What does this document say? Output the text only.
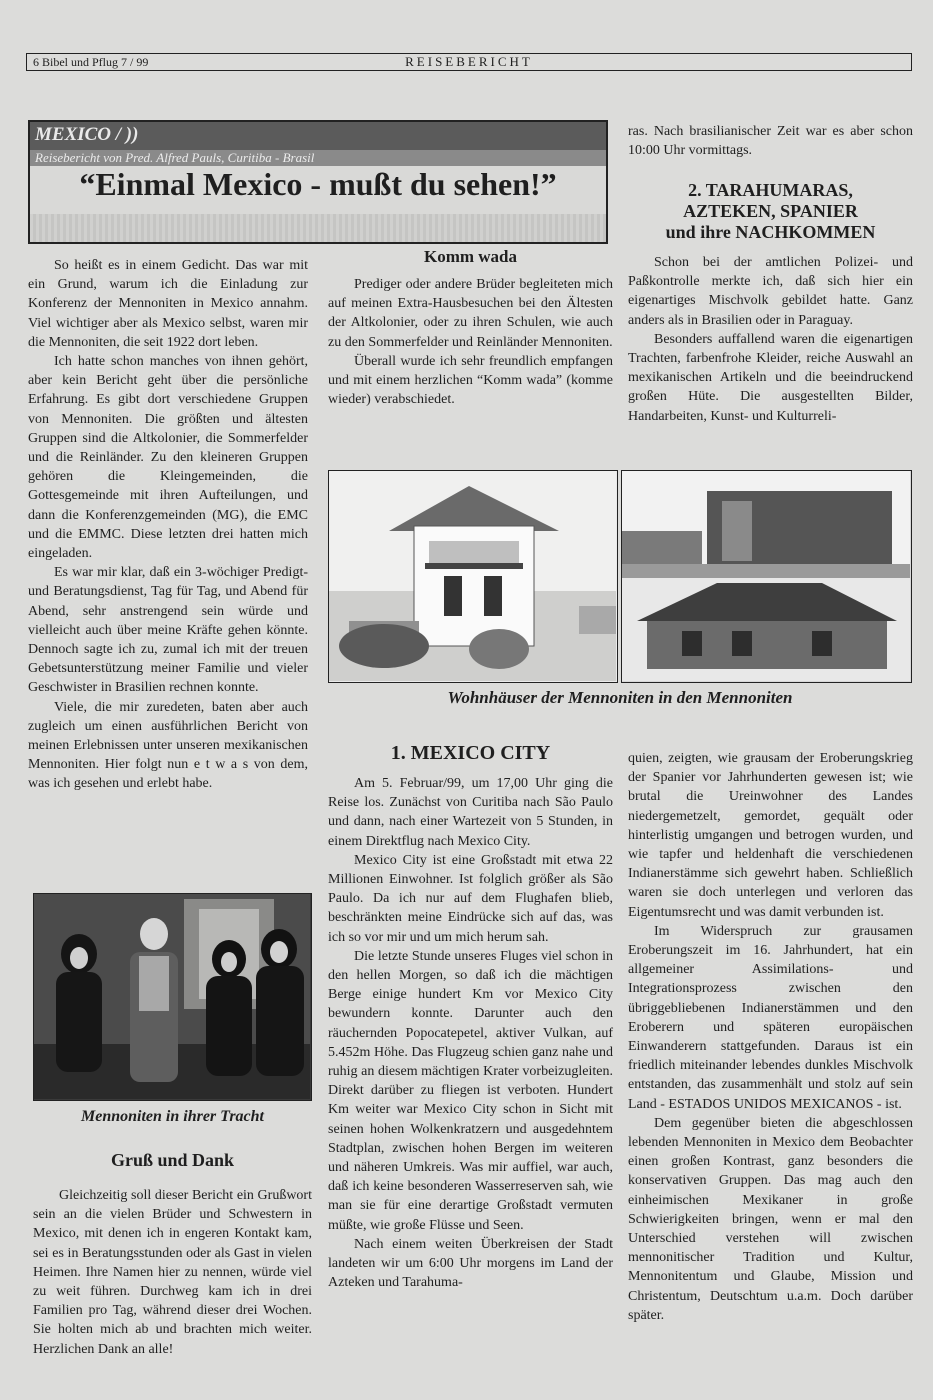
6 Bibel und Pflug 7 / 99	REISEBERICHT
MEXICO / ))
Reisebericht von Pred. Alfred Pauls, Curitiba - Brasil
“Einmal Mexico - mußt du sehen!”

So heißt es in einem Gedicht. Das war mit ein Grund, warum ich die Einladung zur Konferenz der Mennoniten in Mexico annahm. Viel wichtiger aber als Mexico selbst, waren mir die Mennoniten, die seit 1922 dort leben.

Ich hatte schon manches von ihnen gehört, aber kein Bericht geht über die persönliche Erfahrung. Es gibt dort verschiedene Gruppen von Mennoniten. Die größten und ältesten Gruppen sind die Altkolonier, die Sommerfelder und die Reinländer. Zu den kleineren Gruppen gehören die Kleingemeinden, die Gottesgemeinde mit ihren Aufteilungen, und dann die Konferenzgemeinden (MG), die EMC und die EMMC. Diese letzten drei hatten mich eingeladen.

Es war mir klar, daß ein 3-wöchiger Predigt- und Beratungsdienst, Tag für Tag, und Abend für Abend, sehr anstrengend sein würde und vielleicht auch über meine Kräfte gehen könnte. Dennoch sagte ich zu, zumal ich mit der treuen Gebetsunterstützung meiner Familie und vieler Geschwister in Brasilien rechnen konnte.

Viele, die mir zuredeten, baten aber auch zugleich um einen ausführlichen Bericht von meinen Erlebnissen unter unseren mexikanischen Mennoniten. Hier folgt nun e t w a s von dem, was ich gesehen und erlebt habe.

Mennoniten in ihrer Tracht
Gruß und Dank

Gleichzeitig soll dieser Bericht ein Grußwort sein an die vielen Brüder und Schwestern in Mexico, mit denen ich in engeren Kontakt kam, sei es in Beratungsstunden oder als Gast in vielen Heimen. Ihre Namen hier zu nennen, würde viel zu weit führen. Durchweg kam ich in drei Familien pro Tag, während dieser drei Wochen. Sie holten mich ab und brachten mich weiter. Herzlichen Dank an alle!

Komm wada

Prediger oder andere Brüder begleiteten mich auf meinen Extra-Hausbesuchen bei den Ältesten der Altkolonier, oder zu ihren Schulen, wie auch zu den Sommerfelder und Reinländer Mennoniten.

Überall wurde ich sehr freundlich empfangen und mit einem herzlichen “Komm wada” (komme wieder) verabschiedet.

Wohnhäuser der Mennoniten in den Mennoniten
1. MEXICO CITY

Am 5. Februar/99, um 17,00 Uhr ging die Reise los. Zunächst von Curitiba nach São Paulo und dann, nach einer Wartezeit von 5 Stunden, in einem Direktflug nach Mexico City.

Mexico City ist eine Großstadt mit etwa 22 Millionen Einwohner. Ist folglich größer als São Paulo. Da ich nur auf dem Flughafen blieb, beschränkten meine Eindrücke sich auf das, was ich so vor mir und um mich herum sah.

Die letzte Stunde unseres Fluges viel schon in den hellen Morgen, so daß ich die mächtigen Berge einige hundert Km vor Mexico City bewundern konnte. Darunter auch den räuchernden Popocatepetel, aktiver Vulkan, auf 5.452m Höhe. Das Flugzeug schien ganz nahe und ruhig an diesem mächtigen Krater vorbeizugleiten. Direkt darüber zu fliegen ist verboten. Hundert Km weiter war Mexico City schon in Sicht mit seinen hohen Wolkenkratzern und ausgedehntem Stadtplan, zwischen hohen Bergen im weiteren und näheren Umkreis. Was mir auffiel, war auch, daß ich keine besonderen Wasserreserven sah, wie man sie für eine derartige Großstadt vermuten müßte, wie große Flüsse und Seen.

Nach einem weiten Überkreisen der Stadt landeten wir um 6:00 Uhr morgens im Land der Azteken und Tarahuma-

ras. Nach brasilianischer Zeit war es aber schon 10:00 Uhr vormittags.

2. TARAHUMARAS,
AZTEKEN, SPANIER
und ihre NACHKOMMEN

Schon bei der amtlichen Polizei- und Paßkontrolle merkte ich, daß sich hier ein eigenartiges Mischvolk gebildet hatte. Ganz anders als in Brasilien oder in Paraguay.

Besonders auffallend waren die eigenartigen Trachten, farbenfrohe Kleider, reiche Auswahl an mexikanischen Artikeln und die beeindruckend großen Hüte. Die ausgestellten Bilder, Handarbeiten, Kunst- und Kulturreli-

quien, zeigten, wie grausam der Eroberungskrieg der Spanier vor Jahrhunderten gewesen ist; wie brutal die Ureinwohner des Landes niedergemetzelt, gemordet, gequält oder hinterlistig umgangen und betrogen wurden, und wie tapfer und heldenhaft die verschiedenen Indianerstämme sich gewehrt haben. Schließlich waren sie doch unterlegen und verloren das Eigentumsrecht und was damit verbunden ist.

Im Widerspruch zur grausamen Eroberungszeit im 16. Jahrhundert, hat ein allgemeiner Assimilations- und Integrationsprozess zwischen den übriggebliebenen Indianerstämmen und den Eroberern und späteren europäischen Einwanderern stattgefunden. Daraus ist ein friedlich miteinander lebendes dunkles Mischvolk entstanden, das zusammenhält und stolz auf sein Land - ESTADOS UNIDOS MEXICANOS - ist.

Dem gegenüber bieten die abgeschlossen lebenden Mennoniten in Mexico dem Beobachter einen großen Kontrast, ganz besonders die konservativen Gruppen. Das mag auch den einheimischen Mexikaner in große Schwierigkeiten bringen, wenn er mal den Unterschied verstehen will zwischen mennonitischer Tradition und Kultur, Mennonitentum und Glaube, Mission und Christentum, Deutschtum u.a.m. Doch darüber später.
